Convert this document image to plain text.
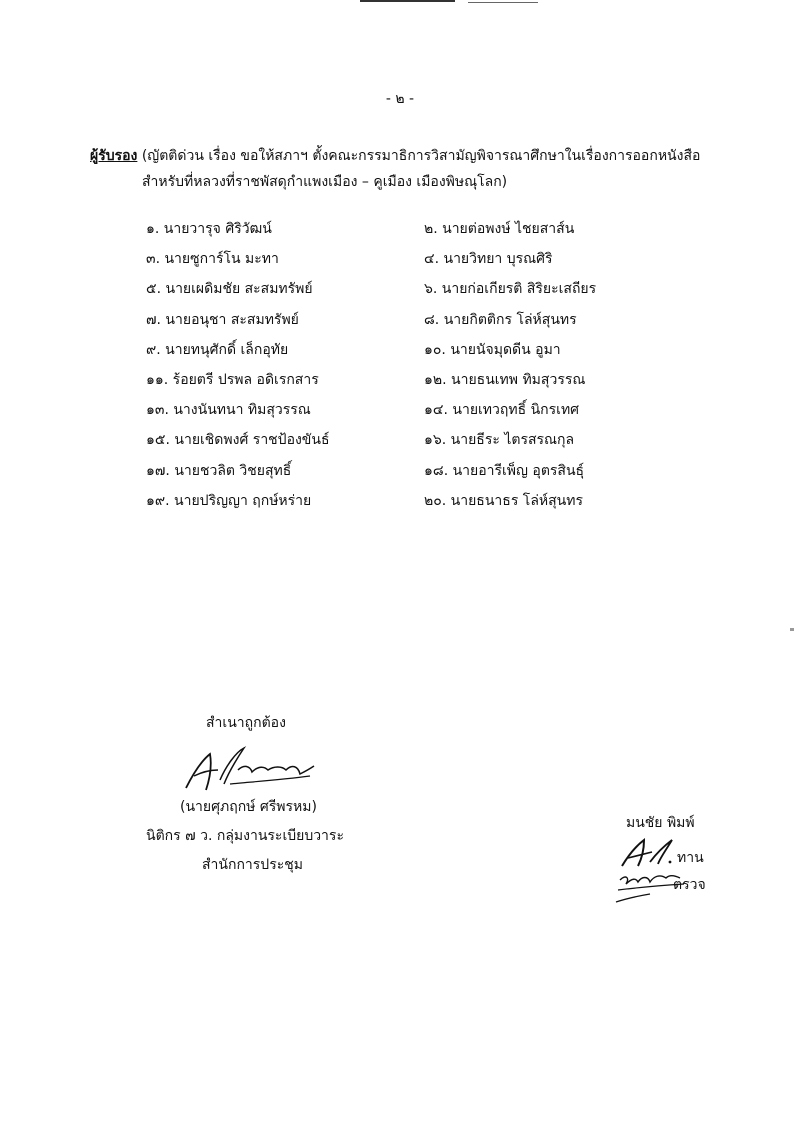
- ๒ -
ผู้รับรอง (ญัตติด่วน เรื่อง ขอให้สภาฯ ตั้งคณะกรรมาธิการวิสามัญพิจารณาศึกษาในเรื่องการออกหนังสือ
สำหรับที่หลวงที่ราชพัสดุกำแพงเมือง – คูเมือง เมืองพิษณุโลก)
๑. นายวารุจ ศิริวัฒน์	๒. นายต่อพงษ์ ไชยสาส์น
๓. นายซูการ์โน มะทา	๔. นายวิทยา บุรณศิริ
๕. นายเผดิมชัย สะสมทรัพย์	๖. นายก่อเกียรติ สิริยะเสถียร
๗. นายอนุชา สะสมทรัพย์	๘. นายกิตติกร โล่ห์สุนทร
๙. นายทนุศักดิ์ เล็กอุทัย	๑๐. นายนัจมุดดีน อูมา
๑๑. ร้อยตรี ปรพล อดิเรกสาร	๑๒. นายธนเทพ ทิมสุวรรณ
๑๓. นางนันทนา ทิมสุวรรณ	๑๔. นายเทวฤทธิ์ นิกรเทศ
๑๕. นายเชิดพงศ์ ราชป้องขันธ์	๑๖. นายธีระ ไตรสรณกุล
๑๗. นายชวลิต วิชยสุทธิ์	๑๘. นายอารีเพ็ญ อุตรสินธุ์
๑๙. นายปริญญา ฤกษ์หร่าย	๒๐. นายธนาธร โล่ห์สุนทร
สำเนาถูกต้อง
(นายศุภฤกษ์ ศรีพรหม)
นิติกร ๗ ว. กลุ่มงานระเบียบวาระ
สำนักการประชุม
มนชัย พิมพ์
ทาน
ตรวจ
